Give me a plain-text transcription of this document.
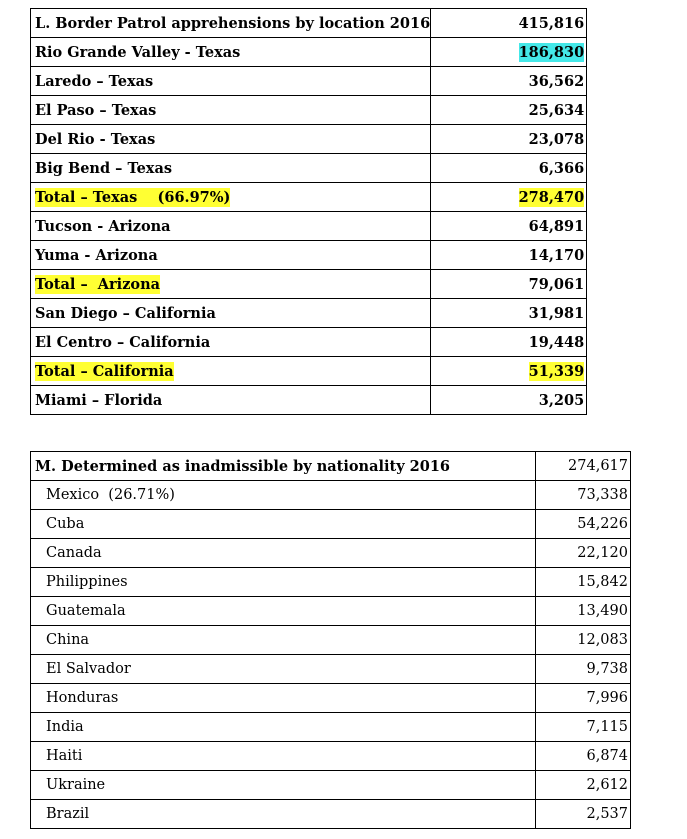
L. Border Patrol apprehensions by location 2016	415,816
Rio Grande Valley - Texas	186,830
Laredo – Texas	36,562
El Paso – Texas	25,634
Del Rio - Texas	23,078
Big Bend – Texas	6,366
Total – Texas    (66.97%)	278,470
Tucson - Arizona	64,891
Yuma - Arizona	14,170
Total –  Arizona	79,061
San Diego – California	31,981
El Centro – California	19,448
Total – California	51,339
Miami – Florida	3,205
M. Determined as inadmissible by nationality 2016	274,617
Mexico  (26.71%)	73,338
Cuba	54,226
Canada	22,120
Philippines	15,842
Guatemala	13,490
China	12,083
El Salvador	9,738
Honduras	7,996
India	7,115
Haiti	6,874
Ukraine	2,612
Brazil	2,537
